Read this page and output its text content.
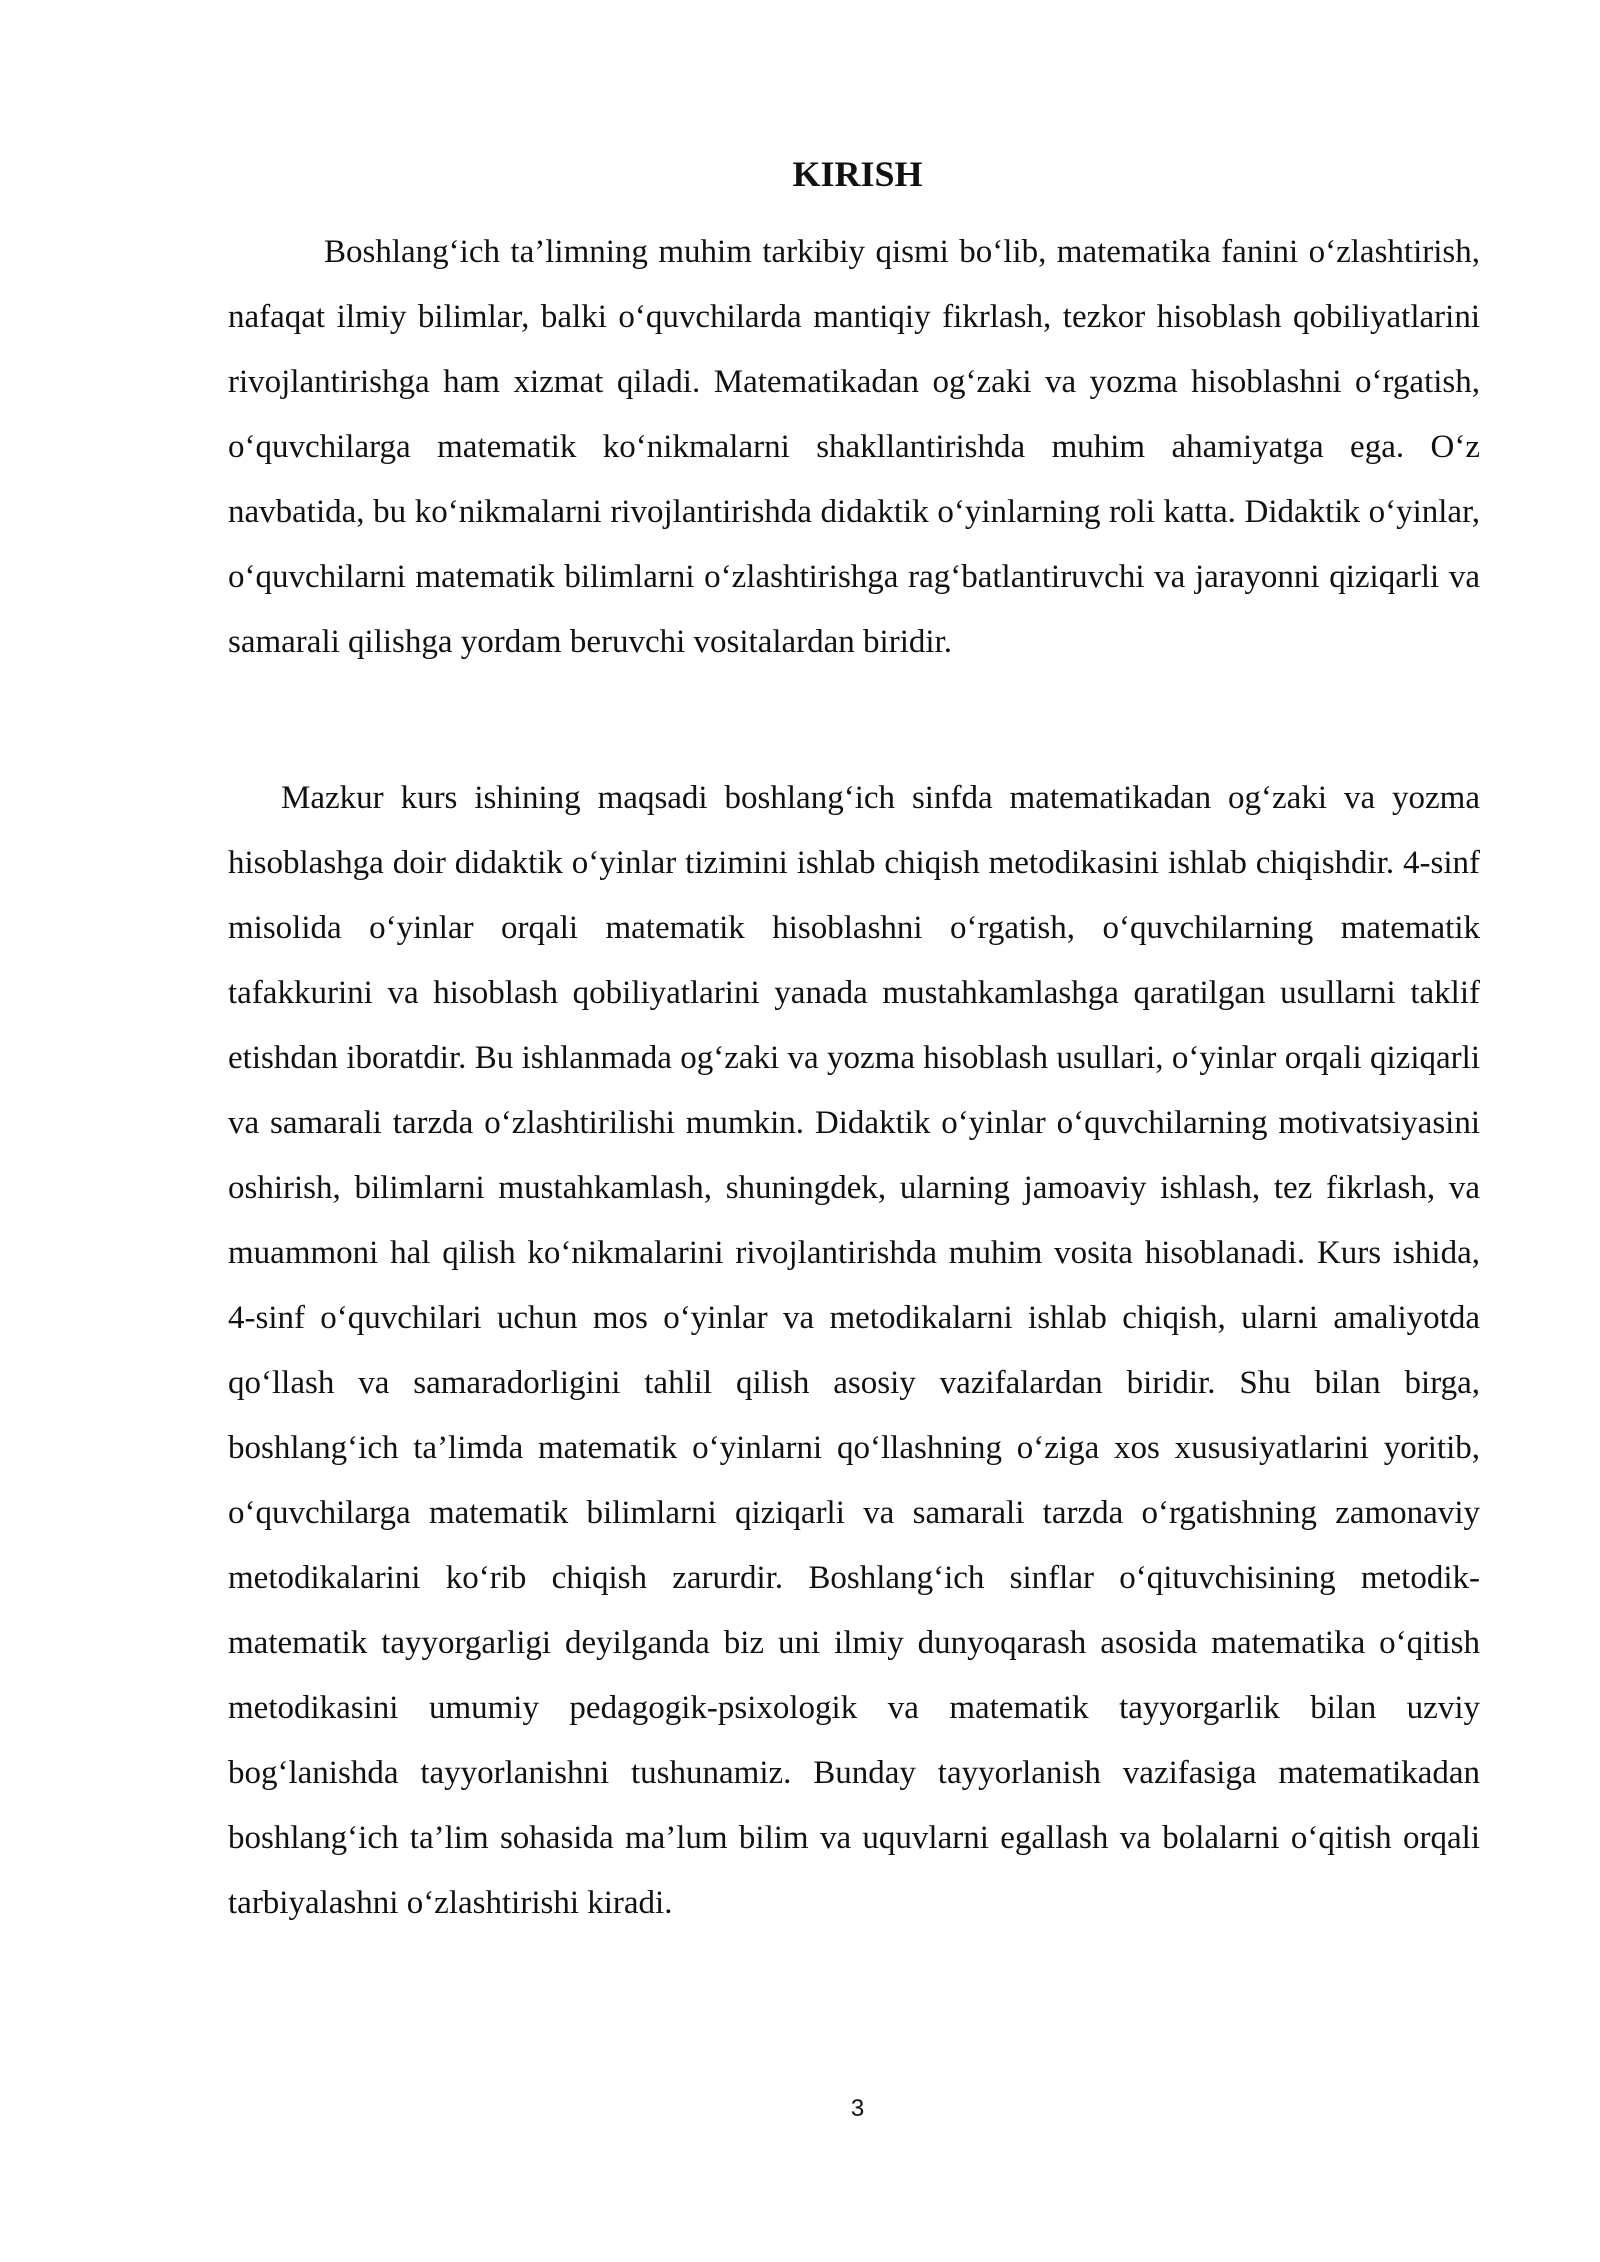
KIRISH

Boshlang‘ich ta’limning muhim tarkibiy qismi bo‘lib, matematika fanini o‘zlashtirish, nafaqat ilmiy bilimlar, balki o‘quvchilarda mantiqiy fikrlash, tezkor hisoblash qobiliyatlarini rivojlantirishga ham xizmat qiladi. Matematikadan og‘zaki va yozma hisoblashni o‘rgatish, o‘quvchilarga matematik ko‘nikmalarni shakllantirishda muhim ahamiyatga ega. O‘z navbatida, bu ko‘nikmalarni rivojlantirishda didaktik o‘yinlarning roli katta. Didaktik o‘yinlar, o‘quvchilarni matematik bilimlarni o‘zlashtirishga rag‘batlantiruvchi va jarayonni qiziqarli va samarali qilishga yordam beruvchi vositalardan biridir.

Mazkur kurs ishining maqsadi boshlang‘ich sinfda matematikadan og‘zaki va yozma hisoblashga doir didaktik o‘yinlar tizimini ishlab chiqish metodikasini ishlab chiqishdir. 4-sinf misolida o‘yinlar orqali matematik hisoblashni o‘rgatish, o‘quvchilarning matematik tafakkurini va hisoblash qobiliyatlarini yanada mustahkamlashga qaratilgan usullarni taklif etishdan iboratdir. Bu ishlanmada og‘zaki va yozma hisoblash usullari, o‘yinlar orqali qiziqarli va samarali tarzda o‘zlashtirilishi mumkin. Didaktik o‘yinlar o‘quvchilarning motivatsiyasini oshirish, bilimlarni mustahkamlash, shuningdek, ularning jamoaviy ishlash, tez fikrlash, va muammoni hal qilish ko‘nikmalarini rivojlantirishda muhim vosita hisoblanadi. Kurs ishida, 4-sinf o‘quvchilari uchun mos o‘yinlar va metodikalarni ishlab chiqish, ularni amaliyotda qo‘llash va samaradorligini tahlil qilish asosiy vazifalardan biridir. Shu bilan birga, boshlang‘ich ta’limda matematik o‘yinlarni qo‘llashning o‘ziga xos xususiyatlarini yoritib, o‘quvchilarga matematik bilimlarni qiziqarli va samarali tarzda o‘rgatishning zamonaviy metodikalarini ko‘rib chiqish zarurdir. Boshlang‘ich sinflar o‘qituvchisining metodik-matematik tayyorgarligi deyilganda biz uni ilmiy dunyoqarash asosida matematika o‘qitish metodikasini umumiy pedagogik-psixologik va matematik tayyorgarlik bilan uzviy bog‘lanishda tayyorlanishni tushunamiz. Bunday tayyorlanish vazifasiga matematikadan boshlang‘ich ta’lim sohasida ma’lum bilim va uquvlarni egallash va bolalarni o‘qitish orqali tarbiyalashni o‘zlashtirishi kiradi.

3
